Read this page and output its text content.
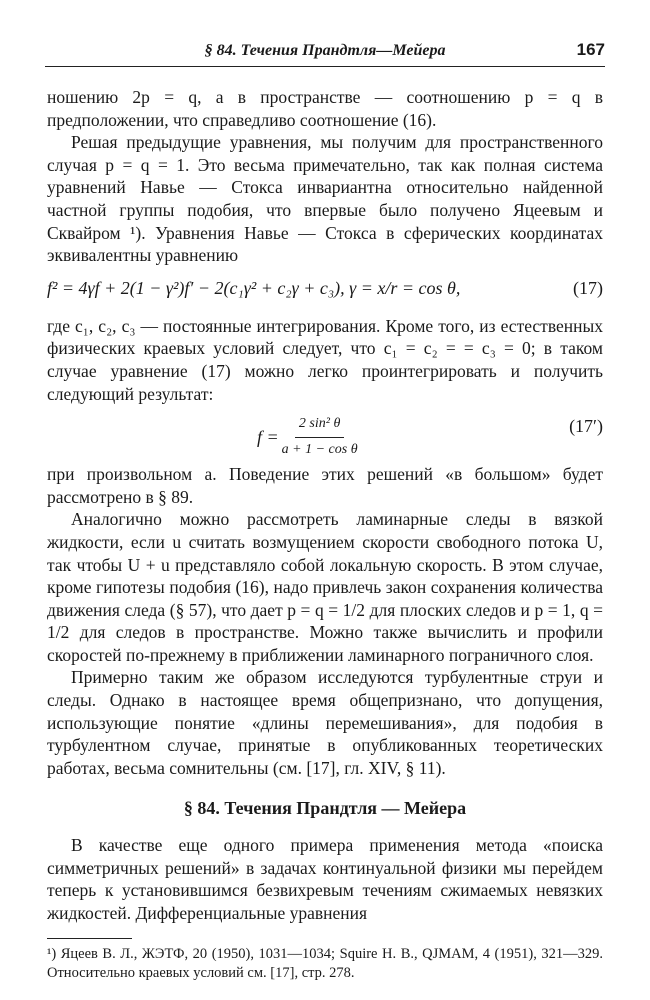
§ 84. Течения Прандтля—Мейера	167

ношению 2p = q, а в пространстве — соотношению p = q в предположении, что справедливо соотношение (16).

Решая предыдущие уравнения, мы получим для пространственного случая p = q = 1. Это весьма примечательно, так как полная система уравнений Навье — Стокса инвариантна относительно найденной частной группы подобия, что впервые было получено Яцеевым и Сквайром ¹). Уравнения Навье — Стокса в сферических координатах эквивалентны уравнению

f² = 4γf + 2(1 − γ²)f′ − 2(c₁γ² + c₂γ + c₃), γ = x/r = cos θ,	(17)

где c₁, c₂, c₃ — постоянные интегрирования. Кроме того, из естественных физических краевых условий следует, что c₁ = c₂ = = c₃ = 0; в таком случае уравнение (17) можно легко проинтегрировать и получить следующий результат:

$f = \frac{\text{2 sin² θ}}{\text{a + 1 − cos θ}}$	(17′)

при произвольном a. Поведение этих решений «в большом» будет рассмотрено в § 89.

Аналогично можно рассмотреть ламинарные следы в вязкой жидкости, если u считать возмущением скорости свободного потока U, так чтобы U + u представляло собой локальную скорость. В этом случае, кроме гипотезы подобия (16), надо привлечь закон сохранения количества движения следа (§ 57), что дает p = q = 1/2 для плоских следов и p = 1, q = 1/2 для следов в пространстве. Можно также вычислить и профили скоростей по-прежнему в приближении ламинарного пограничного слоя.

Примерно таким же образом исследуются турбулентные струи и следы. Однако в настоящее время общепризнано, что допущения, использующие понятие «длины перемешивания», для подобия в турбулентном случае, принятые в опубликованных теоретических работах, весьма сомнительны (см. [17], гл. XIV, § 11).

§ 84. Течения Прандтля — Мейера

В качестве еще одного примера применения метода «поиска симметричных решений» в задачах континуальной физики мы перейдем теперь к установившимся безвихревым течениям сжимаемых невязких жидкостей. Дифференциальные уравнения

¹) Яцеев В. Л., ЖЭТФ, 20 (1950), 1031—1034; Squire H. B., QJMAM, 4 (1951), 321—329. Относительно краевых условий см. [17], стр. 278.
